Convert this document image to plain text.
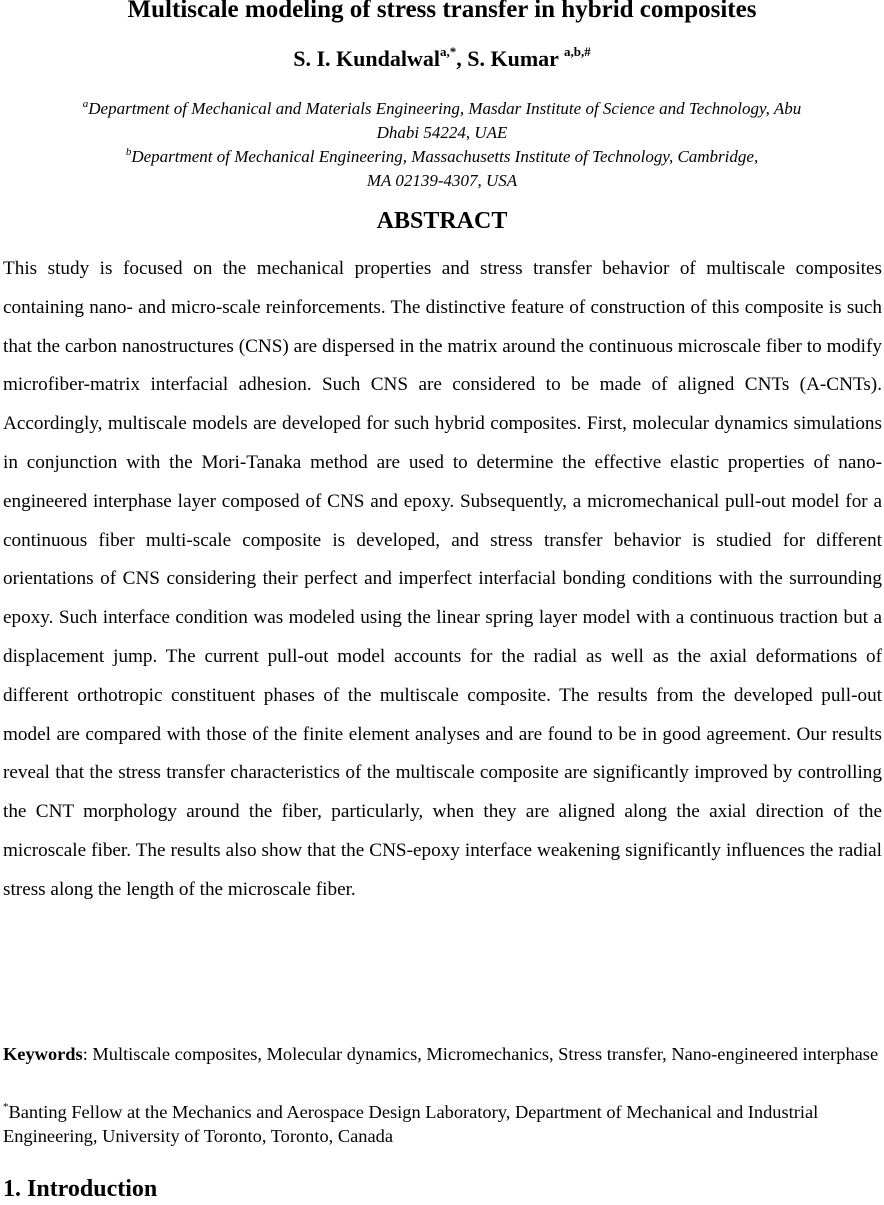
Multiscale modeling of stress transfer in hybrid composites
S. I. Kundalwal$^{a,*}$, S. Kumar $^{a,b,\#}$
$^a$Department of Mechanical and Materials Engineering, Masdar Institute of Science and Technology, Abu
Dhabi 54224, UAE
$^b$Department of Mechanical Engineering, Massachusetts Institute of Technology, Cambridge,
MA 02139-4307, USA
ABSTRACT

This study is focused on the mechanical properties and stress transfer behavior of multiscale composites containing nano- and micro-scale reinforcements. The distinctive feature of construction of this composite is such that the carbon nanostructures (CNS) are dispersed in the matrix around the continuous microscale fiber to modify microfiber-matrix interfacial adhesion. Such CNS are considered to be made of aligned CNTs (A-CNTs). Accordingly, multiscale models are developed for such hybrid composites. First, molecular dynamics simulations in conjunction with the Mori-Tanaka method are used to determine the effective elastic properties of nano-engineered interphase layer composed of CNS and epoxy. Subsequently, a micromechanical pull-out model for a continuous fiber multi-scale composite is developed, and stress transfer behavior is studied for different orientations of CNS considering their perfect and imperfect interfacial bonding conditions with the surrounding epoxy. Such interface condition was modeled using the linear spring layer model with a continuous traction but a displacement jump. The current pull-out model accounts for the radial as well as the axial deformations of different orthotropic constituent phases of the multiscale composite. The results from the developed pull-out model are compared with those of the finite element analyses and are found to be in good agreement. Our results reveal that the stress transfer characteristics of the multiscale composite are significantly improved by controlling the CNT morphology around the fiber, particularly, when they are aligned along the axial direction of the microscale fiber. The results also show that the CNS-epoxy interface weakening significantly influences the radial stress along the length of the microscale fiber.

Keywords: Multiscale composites, Molecular dynamics, Micromechanics, Stress transfer, Nano-engineered interphase

*Banting Fellow at the Mechanics and Aerospace Design Laboratory, Department of Mechanical and Industrial Engineering, University of Toronto, Toronto, Canada

1. Introduction
